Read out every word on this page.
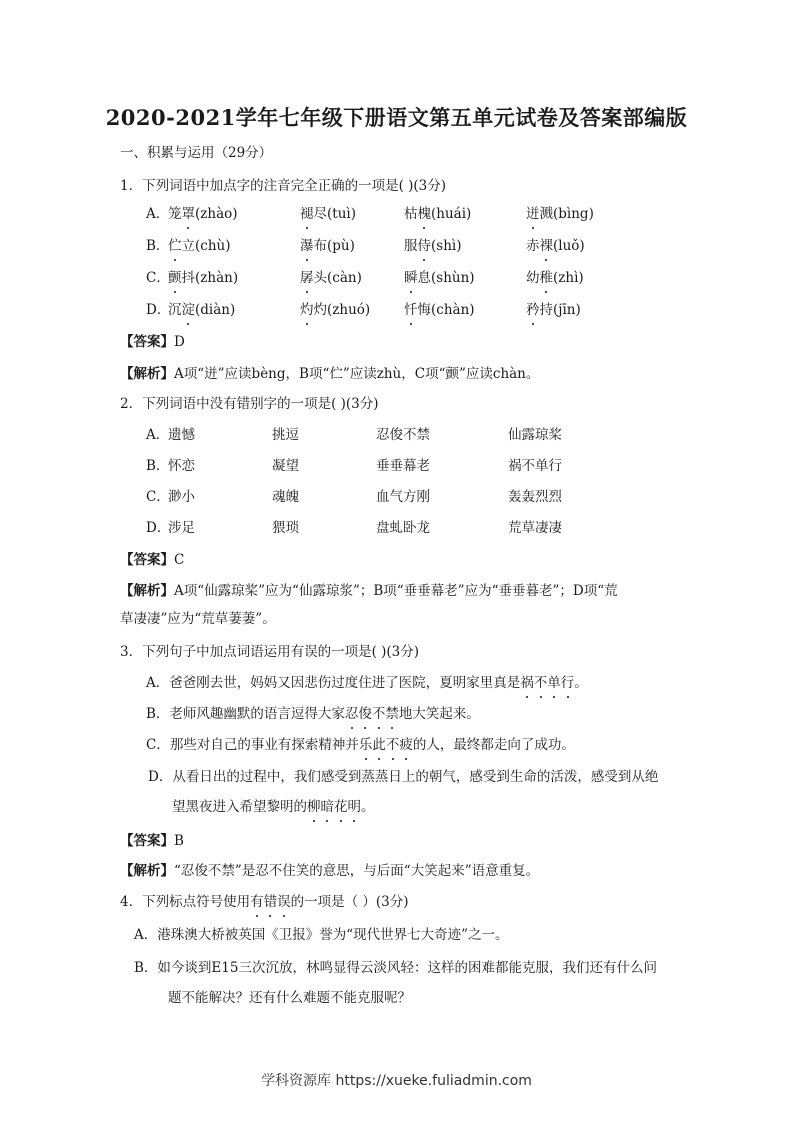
2020-2021学年七年级下册语文第五单元试卷及答案部编版
一、积累与运用（29分）
1．下列词语中加点字的注音完全正确的一项是( )(3分)
A．
笼罩(zhào)	褪尽(tuì)	枯槐(huái)	迸溅(bìng)
B．
伫立(chù)	瀑布(pù)	服侍(shì)	赤裸(luǒ)
C．
颤抖(zhàn)	孱头(càn)	瞬息(shùn)	幼稚(zhì)
D．
沉淀(diàn)	灼灼(zhuó)	忏悔(chàn)	矜持(jīn)
【答案】D
【解析】A项“迸”应读bèng，B项“伫”应读zhù，C项“颤”应读chàn。
2．下列词语中没有错别字的一项是( )(3分)
A．
遗憾	挑逗	忍俊不禁	仙露琼桨
B．
怀恋	凝望	垂垂幕老	祸不单行
C．
渺小	魂魄	血气方刚	轰轰烈烈
D．
涉足	猥琐	盘虬卧龙	荒草凄凄
【答案】C
【解析】A项“仙露琼桨”应为“仙露琼浆”；B项“垂垂幕老”应为“垂垂暮老”；D项“荒
草凄凄”应为“荒草萋萋”。
3．下列句子中加点词语运用有误的一项是( )(3分)
A．爸爸刚去世，妈妈又因悲伤过度住进了医院，夏明家里真是祸不单行。
B．老师风趣幽默的语言逗得大家忍俊不禁地大笑起来。
C．那些对自己的事业有探索精神并乐此不疲的人，最终都走向了成功。
D．从看日出的过程中，我们感受到蒸蒸日上的朝气，感受到生命的活泼，感受到从绝
望黑夜进入希望黎明的柳暗花明。
【答案】B
【解析】“忍俊不禁”是忍不住笑的意思，与后面“大笑起来”语意重复。
4．下列标点符号使用有错误的一项是（ ）(3分)
A．港珠澳大桥被英国《卫报》誉为“现代世界七大奇迹”之一。
B．如今谈到E15三次沉放，林鸣显得云淡风轻：这样的困难都能克服，我们还有什么问
题不能解决？还有什么难题不能克服呢？
学科资源库 https://xueke.fuliadmin.com
